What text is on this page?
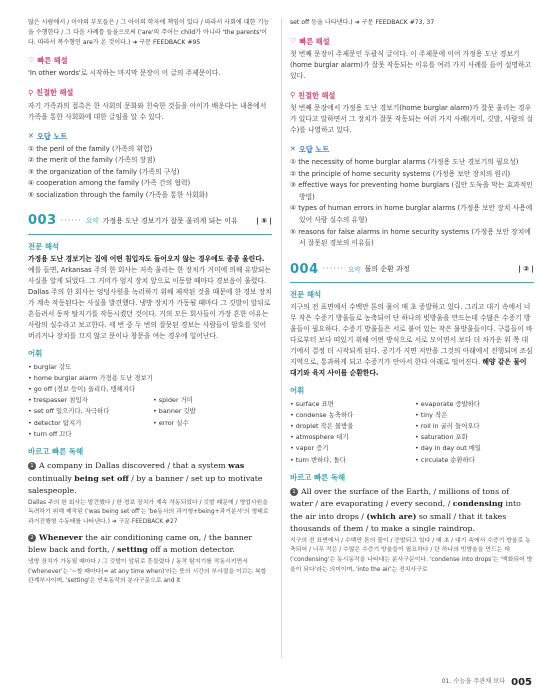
많은 사람에서 / 이야의 부모들은 / 그 아이의 학자에 책임이 있다 / 따라서 사회에 대한 기능을 수행한다 / 그 다음 사례를 들을으로써 ('are'의 주어는 child가 아니라 'the parents'이다. 따라서 복수형인 are가 온 것이다.) ➜ 구문 FEEDBACK #95
♡ 빠른 해설
'In other words'로 시작하는 마지막 문장이 이 글의 주제문이다.
⚲ 친절한 해설
자기 가족과의 접촉은 한 사회의 문화와 친숙한 것들을 아이가 배운다는 내용에서 가족을 통한 사회화에 대한 글임을 알 수 있다.
✕ 오답 노트
① the peril of the family (가족의 위험)
② the merit of the family (가족의 장점)
③ the organization of the family (가족의 구성)
④ cooperation among the family (가족 간의 협력)
⑤ socialization through the family (가족을 통한 사회화)
003 ······ 요약 가정용 도난 경보기가 잘못 울리게 되는 이유	| ⑤ |
전문 해석
가정용 도난 경보기는 집에 어떤 침입자도 들어오지 않는 경우에도 종종 울린다. 예를 들면, Arkansas 주의 한 회사는 저속 울리는 한 장치가 거미에 의해 유발되는 사실을 알게 되었다. 그 거미가 엄지 장치 앞으로 이동할 때마다 경보음이 울렸다. Dallas 주의 한 회사는 엉덩사원을 녹러하기 위해 제작된 것을 때문에 한 경보 장치가 계속 작동된다는 사실을 발견했다. 냉방 장치가 가동될 때마다 그 깃발이 앞뒤로 흔들려서 동작 탐지기를 작동시켰던 것이다. 거의 모든 회사들이 가장 흔한 이유는 사람의 실수라고 보고한다. 세 번 중 두 번의 잘못된 경보는 사람들이 암호를 잊어버리거나 장치를 끄지 않고 문이나 창문을 여는 경우에 일어난다.
어휘
• burglar 강도
• home burglar alarm 가정용 도난 경보기
• go off (경보 등이) 울리다, 탱해지다
• trespasser 침입자	• spider 거미
• set off 일으키다, 자극하다	• banner 깃발
• detector 탐지기	• error 실수
• turn off 끄다
바르고 빠른 독해
1 A company in Dallas discovered / that a system was continually being set off / by a banner / set up to motivate salespeople.
Dallas 주의 한 회사는 발견했다 / 한 경보 장치가 계속 작동되었다 / 깃발 때문에 / 영업사원을 독려하기 위해 제작된 ('was being set off'는 'be동사의 과거형+being+과거분사'의 형태로 과거진행형 수동태를 나타낸다.) ➜ 구문 FEEDBACK #27
2 Whenever the air conditioning came on, / the banner blew back and forth, / setting off a motion detector.
냉방 장치가 가동될 때마다 / 그 깃발이 앞뒤로 흔들렸다 / 동작 탐지기를 작동시키면서 ('whenever'는 '~할 때마다(= at any time when)'라는 뜻의 시간의 부사절을 이끄는 복합관계부사이며, 'setting'은 연속동작의 분사구문으로 and it
set off 등을 나타낸다.) ➜ 구문 FEEDBACK #73, 37
♡ 빠른 해설
첫 번째 문장이 주제문인 두괄식 글이다. 이 주제문에 이어 가정용 도난 경보기(home burglar alarm)가 잘못 작동되는 이유를 여러 가지 사례를 들어 설명하고 있다.
⚲ 친절한 해설
첫 번째 문장에서 가정용 도난 경보기(home burglar alarm)가 잘못 울리는 경우가 있다고 말하면서 그 장치가 잘못 작동되는 여러 가지 사례(거미, 깃발, 사람의 실수)를 나열하고 있다.
✕ 오답 노트
① the necessity of home burglar alarms (가정용 도난 경보기의 필요성)
② the principle of home security systems (가정용 보안 장치의 원리)
③ effective ways for preventing home burglars (집안 도둑을 막는 효과적인 방법)
④ types of human errors in home burglar alarms (가정용 보안 장치 사용에 있어 사람 실수의 유형)
⑤ reasons for false alarms in home security systems (가정용 보안 장치에서 잘못된 경보의 이유들)
004 ······ 요약 물의 순환 과정	| ② |
전문 해석
지구의 전 표면에서 수백만 톤의 물이 매 초 증발하고 있다. 그리고 대기 속에서 너무 작은 수증기 방울들로 농축되어 단 하나의 빗방울을 만드는데 수많은 수증기 방울들이 필요하다. 수증기 방울들은 서로 붙어 있는 작은 물방울들이다. 구름들이 바다로부터 보다 떠있기 위해 어떤 방식으로 서로 모이면서 보다 더 차가운 위 쪽 대기에서 결정 더 시작되게 된다. 공기가 지면 저만을 그것의 아래에서 진행되며 조심 지역으로, 통과하게 되고 수증기가 안아서 한다 아래로 떨어진다. 해양 같은 물이 대기와 육지 사이를 순환한다.
어휘
• surface 표면	• evaporate 증발하다
• condense 농축하다	• tiny 작은
• droplet 작은 물방울	• roll in 굴러 들어오다
• atmosphere 대기	• saturation 포화
• vapor 증기	• day in day out 매일
• turn 변하다, 돌다	• circulate 순환하다
바르고 빠른 독해
1 All over the surface of the Earth, / millions of tons of water / are evaporating / every second, / condensing into the air into drops / (which are) so small / that it takes thousands of them / to make a single raindrop.
지구의 전 표면에서 / 수백만 톤의 물이 / 증발되고 있다 / 매 초 / 대기 속에서 수증기 방울로 농축되어 / 너무 작은 / 수많은 수증기 방울들이 필요하다 / 단 하나의 빗방울을 만드는 데 ('condensing'은 동시동작을 나타내는 분사구문이다. 'condense into drops'는 '액화되어 방울이 되다'라는 의미이며, 'into the air'는 전치사구로
01. 수능을 주관채 보다 005
